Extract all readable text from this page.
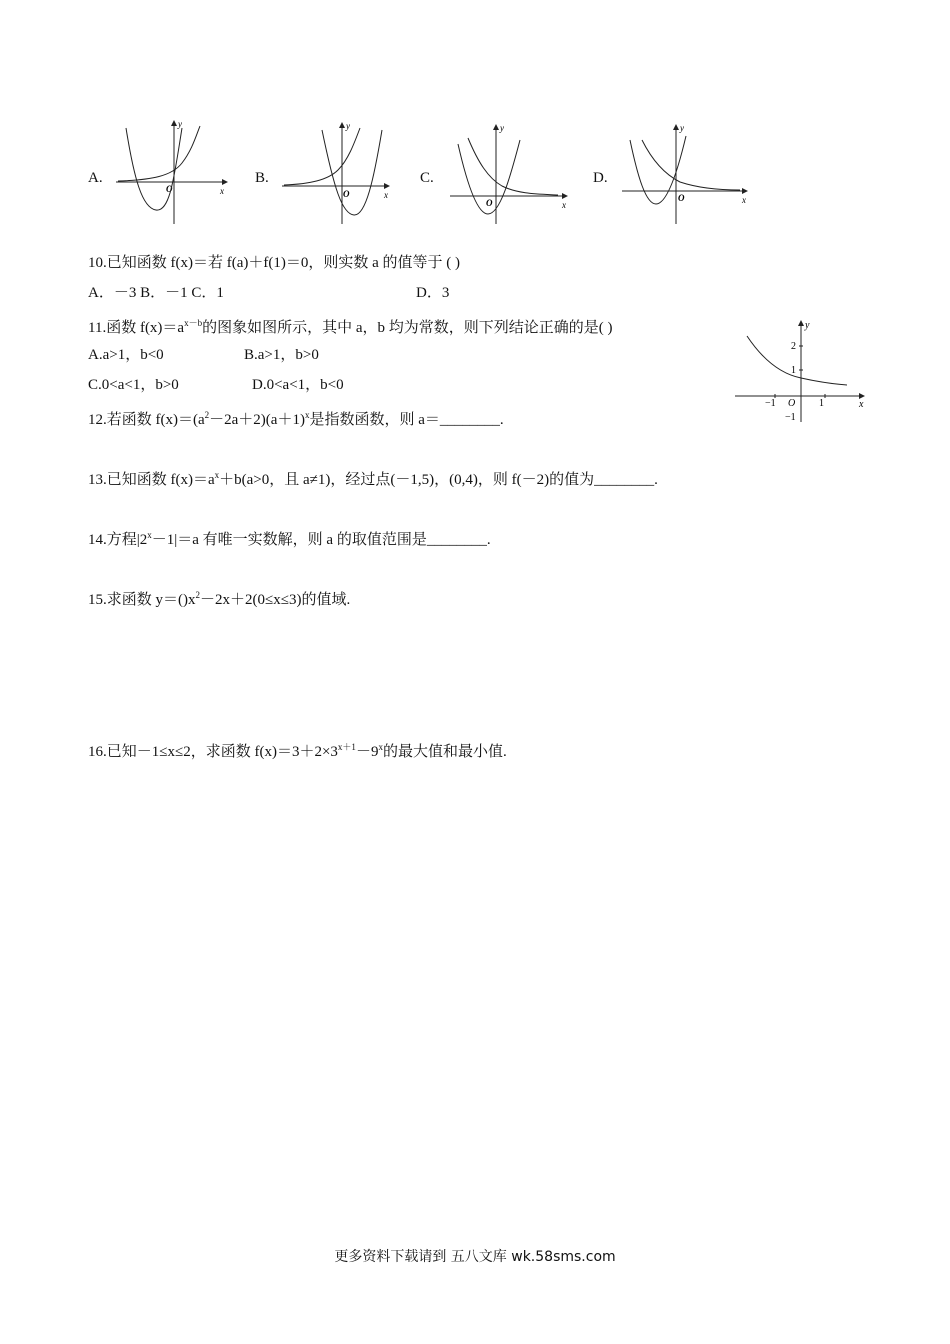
A.
y
x
O
B.
y
x
O
C.
y
x
O
D.
y
x
O
10.已知函数 f(x)＝若 f(a)＋f(1)＝0，则实数 a 的值等于 ( )
A．－3 B．－1 C．1	D．3
11.函数 $f(x)=a^{x-b}$的图象如图所示，其中 a，b 均为常数，则下列结论正确的是( )
A.a>1，b<0	B.a>1，b>0
C.0<a<1，b>0	D.0<a<1，b<0
y
x
O
−1	1
2
1
−1
12.若函数 $f(x)=(a^2-2a+2)(a+1)^x$是指数函数，则 a＝________.
13.已知函数 $f(x)=a^x+b(a>0$，且 a≠1)，经过点(－1,5)，(0,4)，则 f(－2)的值为________.
14.方程$|2^x-1|=a$ 有唯一实数解，则 a 的取值范围是________.
15.求函数 $y=()x^2-2x+2(0\le x\le 3)$的值域.
16.已知－1≤x≤2，求函数 $f(x)=3+2\times 3^{x+1}-9^x$的最大值和最小值.
更多资料下载请到 五八文库 wk.58sms.com
